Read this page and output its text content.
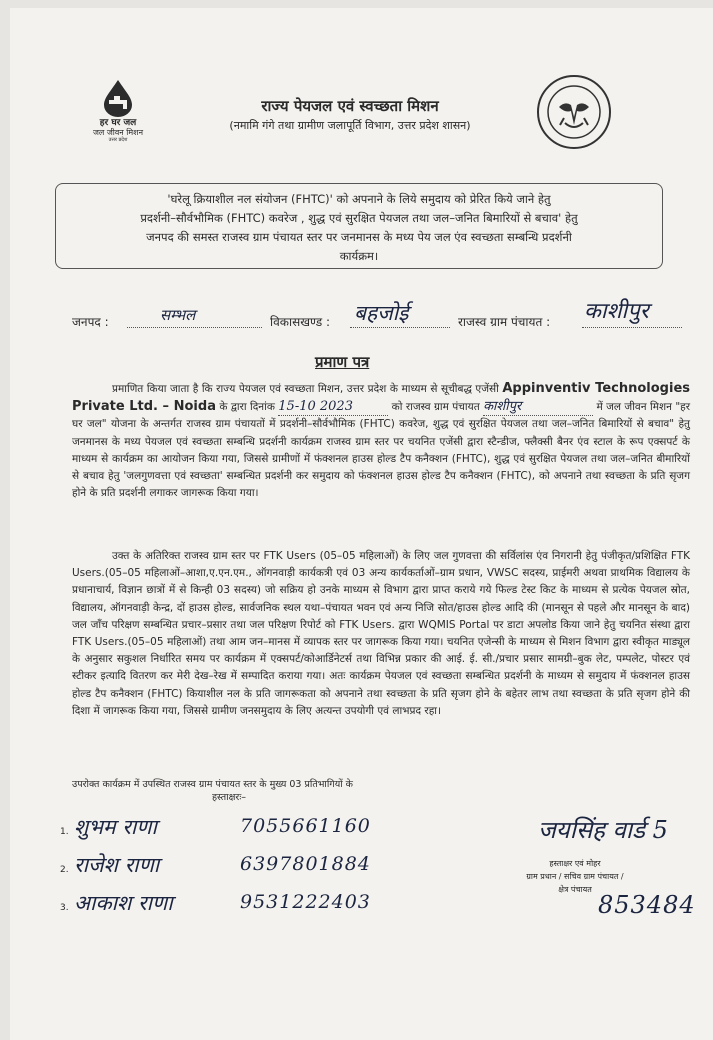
हर घर जल
जल जीवन मिशन
उत्तर प्रदेश
राज्य पेयजल एवं स्वच्छता मिशन
(नमामि गंगे तथा ग्रामीण जलापूर्ति विभाग, उत्तर प्रदेश शासन)
'घरेलू क्रियाशील नल संयोजन (FHTC)' को अपनाने के लिये समुदाय को प्रेरित किये जाने हेतु
प्रदर्शनी–सौर्वभौमिक (FHTC) कवरेज , शुद्ध एवं सुरक्षित पेयजल तथा जल–जनित बिमारियों से बचाव' हेतु
जनपद की समस्त राजस्व ग्राम पंचायत स्तर पर जनमानस के मध्य पेय जल एंव स्वच्छता सम्बन्धि प्रदर्शनी
कार्यक्रम।
जनपद :	सम्भल	विकासखण्ड : बहजोई	राजस्व ग्राम पंचायत : काशीपुर
प्रमाण पत्र

प्रमाणित किया जाता है कि राज्य पेयजल एवं स्वच्छता मिशन, उत्तर प्रदेश के माध्यम से सूचीबद्ध एजेंसी Appinventiv Technologies Private Ltd. – Noida के द्वारा दिनांक 15-10 2023	को राजस्व ग्राम पंचायत काशीपुर	में जल जीवन मिशन "हर घर जल" योजना के अन्तर्गत राजस्व ग्राम पंचायतों में प्रदर्शनी–सौर्वभौमिक (FHTC) कवरेज, शुद्ध एवं सुरक्षित पेयजल तथा जल–जनित बिमारियों से बचाव" हेतु जनमानस के मध्य पेयजल एवं स्वच्छता सम्बन्धि प्रदर्शनी कार्यक्रम राजस्व ग्राम स्तर पर चयनित एजेंसी द्वारा स्टैन्डीज, फ्लैक्सी बैनर एंव स्टाल के रूप एक्सपर्ट के माध्यम से कार्यक्रम का आयोजन किया गया, जिससे ग्रामीणों में फंक्शनल हाउस होल्ड टैप कनैक्शन (FHTC), शुद्ध एवं सुरक्षित पेयजल तथा जल–जनित बीमारियों से बचाव हेतु 'जलगुणवत्ता एवं स्वच्छता' सम्बन्धित प्रदर्शनी कर समुदाय को फंक्शनल हाउस होल्ड टैप कनैक्शन (FHTC), को अपनाने तथा स्वच्छता के प्रति सृजग होने के प्रति प्रदर्शनी लगाकर जागरूक किया गया।

उक्त के अतिरिक्त राजस्व ग्राम स्तर पर FTK Users (05–05 महिलाओं) के लिए जल गुणवत्ता की सर्विलांस एंव निगरानी हेतु पंजीकृत/प्रशिक्षित FTK Users.(05–05 महिलाओं–आशा,ए.एन.एम., ऑगनवाड़ी कार्यकत्री एवं 03 अन्य कार्यकर्ताओं–ग्राम प्रधान, VWSC सदस्य, प्राईमरी अथवा प्राथमिक विद्यालय के प्रधानाचार्य, विज्ञान छात्रों में से किन्ही 03 सदस्य) जो सक्रिय हो उनके माध्यम से विभाग द्वारा प्राप्त कराये गये फिल्ड टेस्ट किट के माध्यम से प्रत्येक पेयजल स्रोत, विद्यालय, ऑगनवाड़ी केन्द्र, दों हाउस होल्ड, सार्वजनिक स्थल यथा–पंचायत भवन एवं अन्य निजि सोत/हाउस होल्ड आदि की (मानसून से पहले और मानसून के बाद) जल जाँच परिक्षण सम्बन्धित प्रचार–प्रसार तथा जल परिक्षण रिपोर्ट को FTK Users. द्वारा WQMIS Portal पर डाटा अपलोड किया जाने हेतु चयनित संस्था द्वारा FTK Users.(05–05 महिलाओं) तथा आम जन–मानस में व्यापक स्तर पर जागरूक किया गया। चयनित एजेन्सी के माध्यम से मिशन विभाग द्वारा स्वीकृत माड्यूल के अनुसार सकुशल निर्धारित समय पर कार्यक्रम में एक्सपर्ट/कोआर्डिनेटर्स तथा विभिन्न प्रकार की आई. ई. सी./प्रचार प्रसार सामग्री–बुक लेट, पम्पलेट, पोस्टर एवं स्टीकर इत्यादि वितरण कर मेरी देख–रेख में सम्पादित कराया गया। अतः कार्यक्रम पेयजल एवं स्वच्छता सम्बन्धित प्रदर्शनी के माध्यम से समुदाय में फंक्शनल हाउस होल्ड टैप कनैक्शन (FHTC) कियाशील नल के प्रति जागरूकता को अपनाने तथा स्वच्छता के प्रति सृजग होने के बहेतर लाभ तथा स्वच्छता के प्रति सृजग होने की दिशा में जागरूक किया गया, जिससे ग्रामीण जनसमुदाय के लिए अत्यन्त उपयोगी एवं लाभप्रद रहा।

उपरोक्त कार्यक्रम में उपस्थित राजस्व ग्राम पंचायत स्तर के मुख्य 03 प्रतिभागियों के
हस्ताक्षरः–
1. शुभम राणा	7055661160
2. राजेश राणा	6397801884
3. आकाश राणा	9531222403
जयसिंह वार्ड 5
हस्ताक्षर एवं मोहर
ग्राम प्रधान / सचिव ग्राम पंचायत /
क्षेत्र पंचायत
853484
